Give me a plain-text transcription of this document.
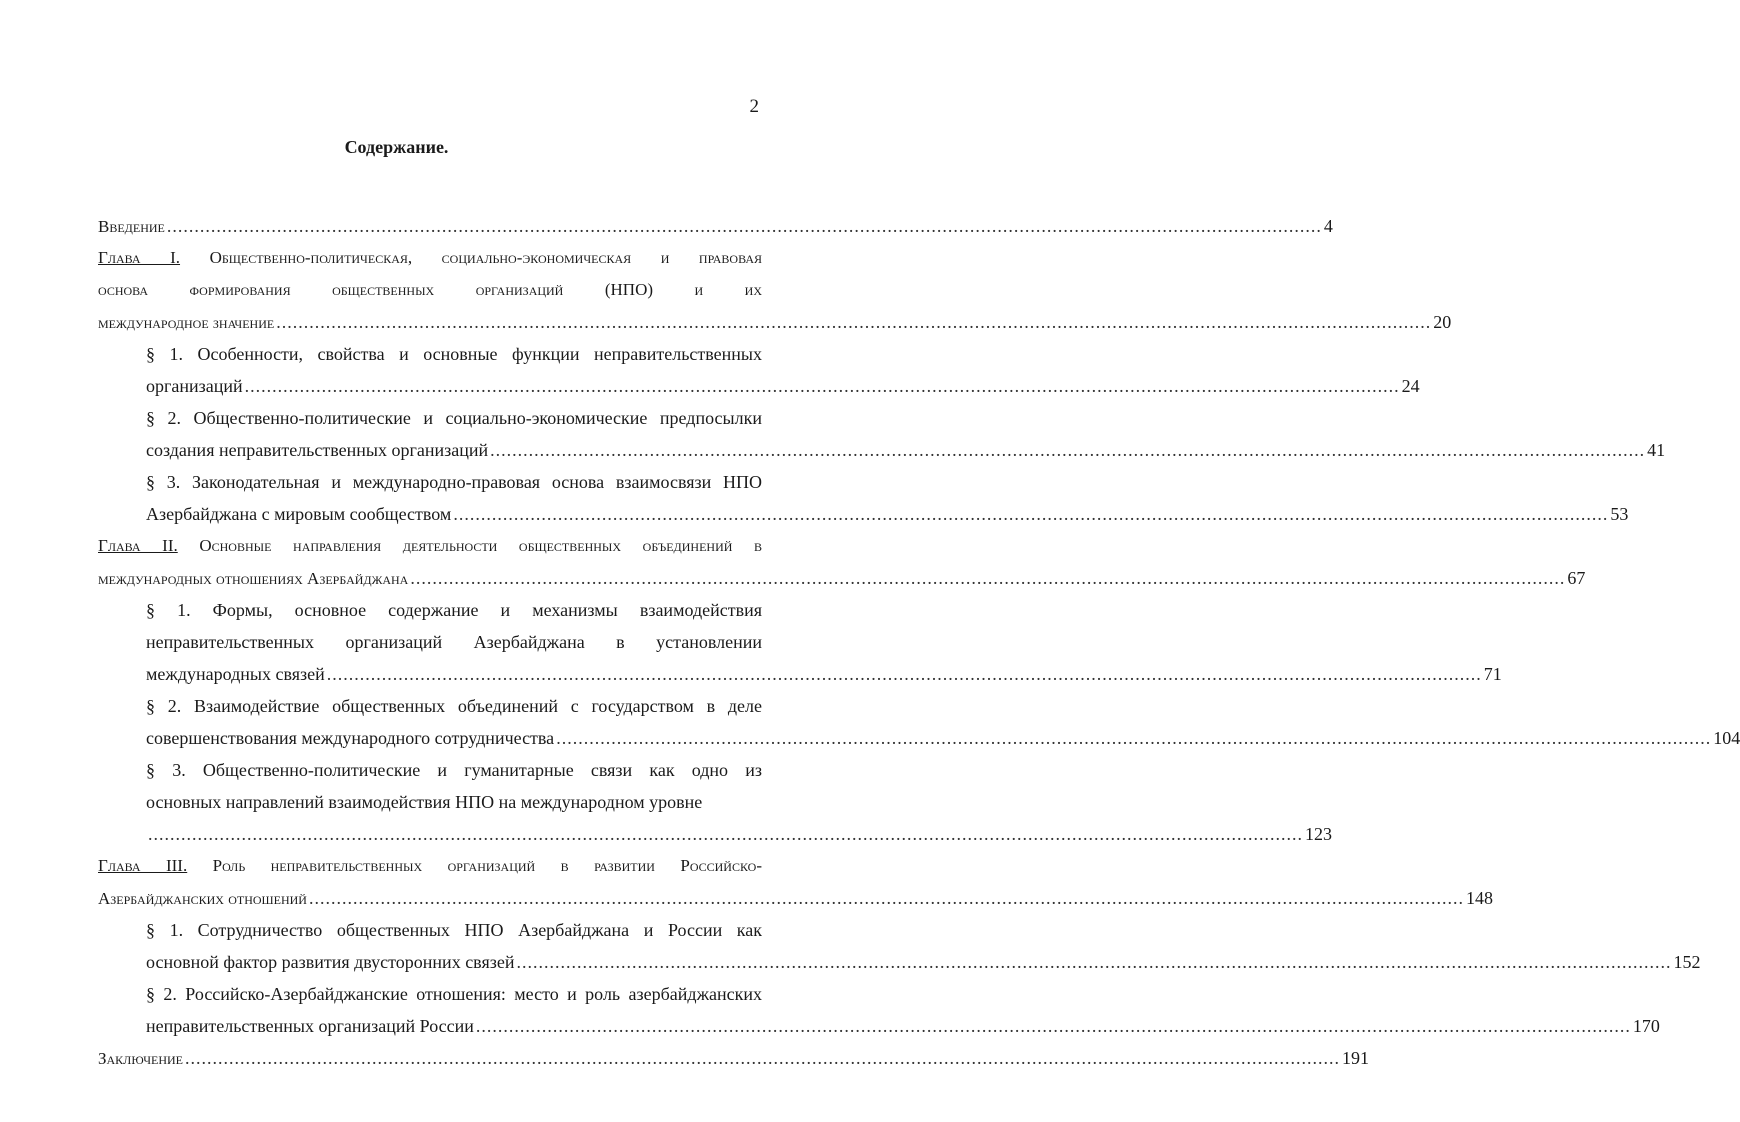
2
Содержание.
Введение .................................................................................................................................................................................................................. 4
Глава I. Общественно-политическая, социально-экономическая и правовая
основа формирования общественных организаций (НПО) и их
международное значение .................................................................................................................................................................................................................. 20
§ 1. Особенности, свойства и основные функции неправительственных
организаций .................................................................................................................................................................................................................. 24
§ 2. Общественно-политические и социально-экономические предпосылки
создания неправительственных организаций .................................................................................................................................................................................................................. 41
§ 3. Законодательная и международно-правовая основа взаимосвязи НПО
Азербайджана с мировым сообществом .................................................................................................................................................................................................................. 53
Глава II. Основные направления деятельности общественных объединений в
международных отношениях Азербайджана .................................................................................................................................................................................................................. 67
§ 1. Формы, основное содержание и механизмы взаимодействия
неправительственных организаций Азербайджана в установлении
международных связей .................................................................................................................................................................................................................. 71
§ 2. Взаимодействие общественных объединений с государством в деле
совершенствования международного сотрудничества .................................................................................................................................................................................................................. 104
§ 3. Общественно-политические и гуманитарные связи как одно из
основных направлений взаимодействия НПО на международном уровне
.................................................................................................................................................................................................................. 123
Глава III. Роль неправительственных организаций в развитии Российско-
Азербайджанских отношений .................................................................................................................................................................................................................. 148
§ 1. Сотрудничество общественных НПО Азербайджана и России как
основной фактор развития двусторонних связей .................................................................................................................................................................................................................. 152
§ 2. Российско-Азербайджанские отношения: место и роль азербайджанских
неправительственных организаций России .................................................................................................................................................................................................................. 170
Заключение .................................................................................................................................................................................................................. 191
